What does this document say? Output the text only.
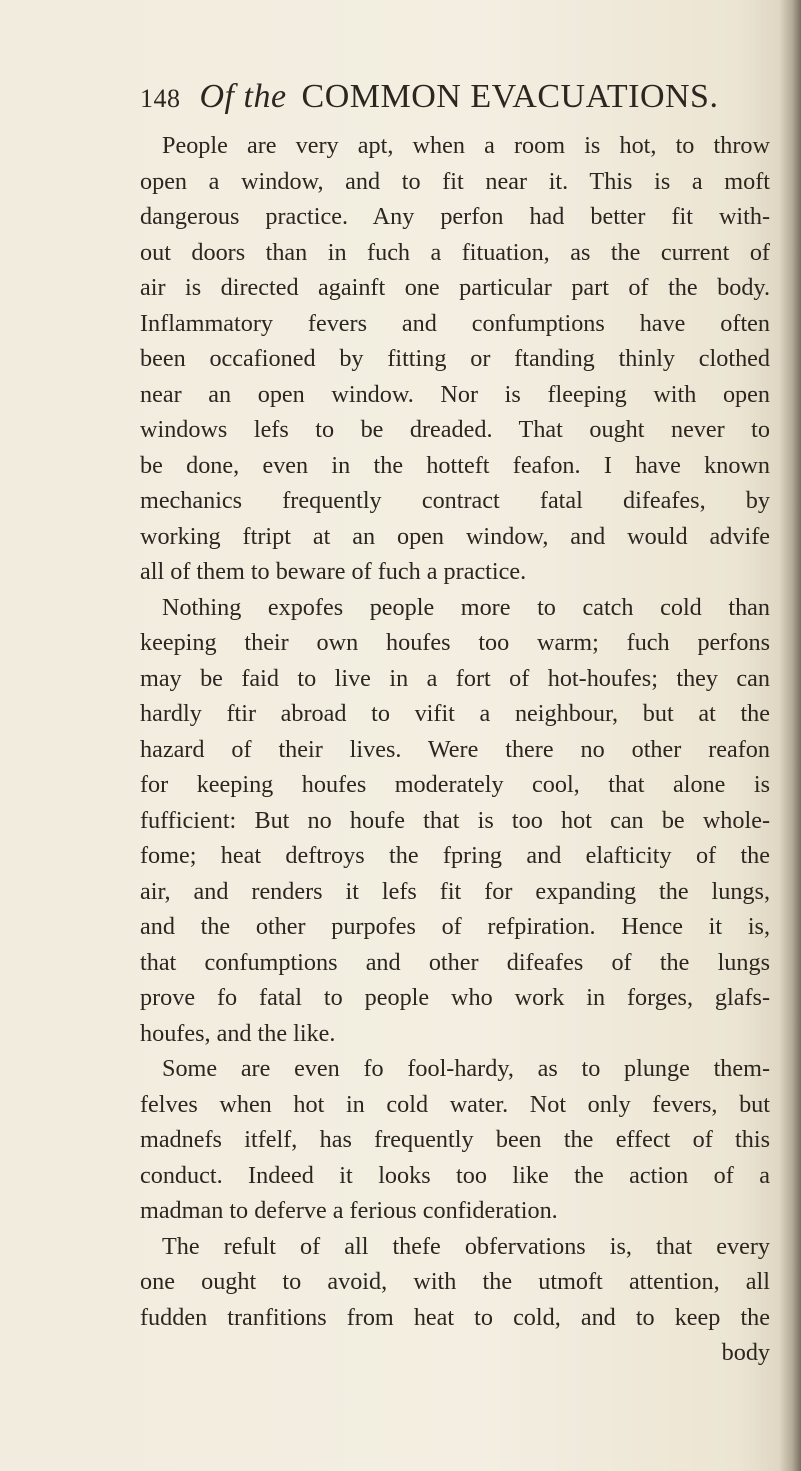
148 Of the COMMON EVACUATIONS.
People are very apt, when a room is hot, to throw
open a window, and to fit near it. This is a moft
dangerous practice. Any perfon had better fit with-
out doors than in fuch a fituation, as the current of
air is directed againft one particular part of the body.
Inflammatory fevers and confumptions have often
been occafioned by fitting or ftanding thinly clothed
near an open window. Nor is fleeping with open
windows lefs to be dreaded. That ought never to
be done, even in the hotteft feafon. I have known
mechanics frequently contract fatal difeafes, by
working ftript at an open window, and would advife
all of them to beware of fuch a practice.
Nothing expofes people more to catch cold than
keeping their own houfes too warm; fuch perfons
may be faid to live in a fort of hot-houfes; they can
hardly ftir abroad to vifit a neighbour, but at the
hazard of their lives. Were there no other reafon
for keeping houfes moderately cool, that alone is
fufficient: But no houfe that is too hot can be whole-
fome; heat deftroys the fpring and elafticity of the
air, and renders it lefs fit for expanding the lungs,
and the other purpofes of refpiration. Hence it is,
that confumptions and other difeafes of the lungs
prove fo fatal to people who work in forges, glafs-
houfes, and the like.
Some are even fo fool-hardy, as to plunge them-
felves when hot in cold water. Not only fevers, but
madnefs itfelf, has frequently been the effect of this
conduct. Indeed it looks too like the action of a
madman to deferve a ferious confideration.
The refult of all thefe obfervations is, that every
one ought to avoid, with the utmoft attention, all
fudden tranfitions from heat to cold, and to keep the
body
